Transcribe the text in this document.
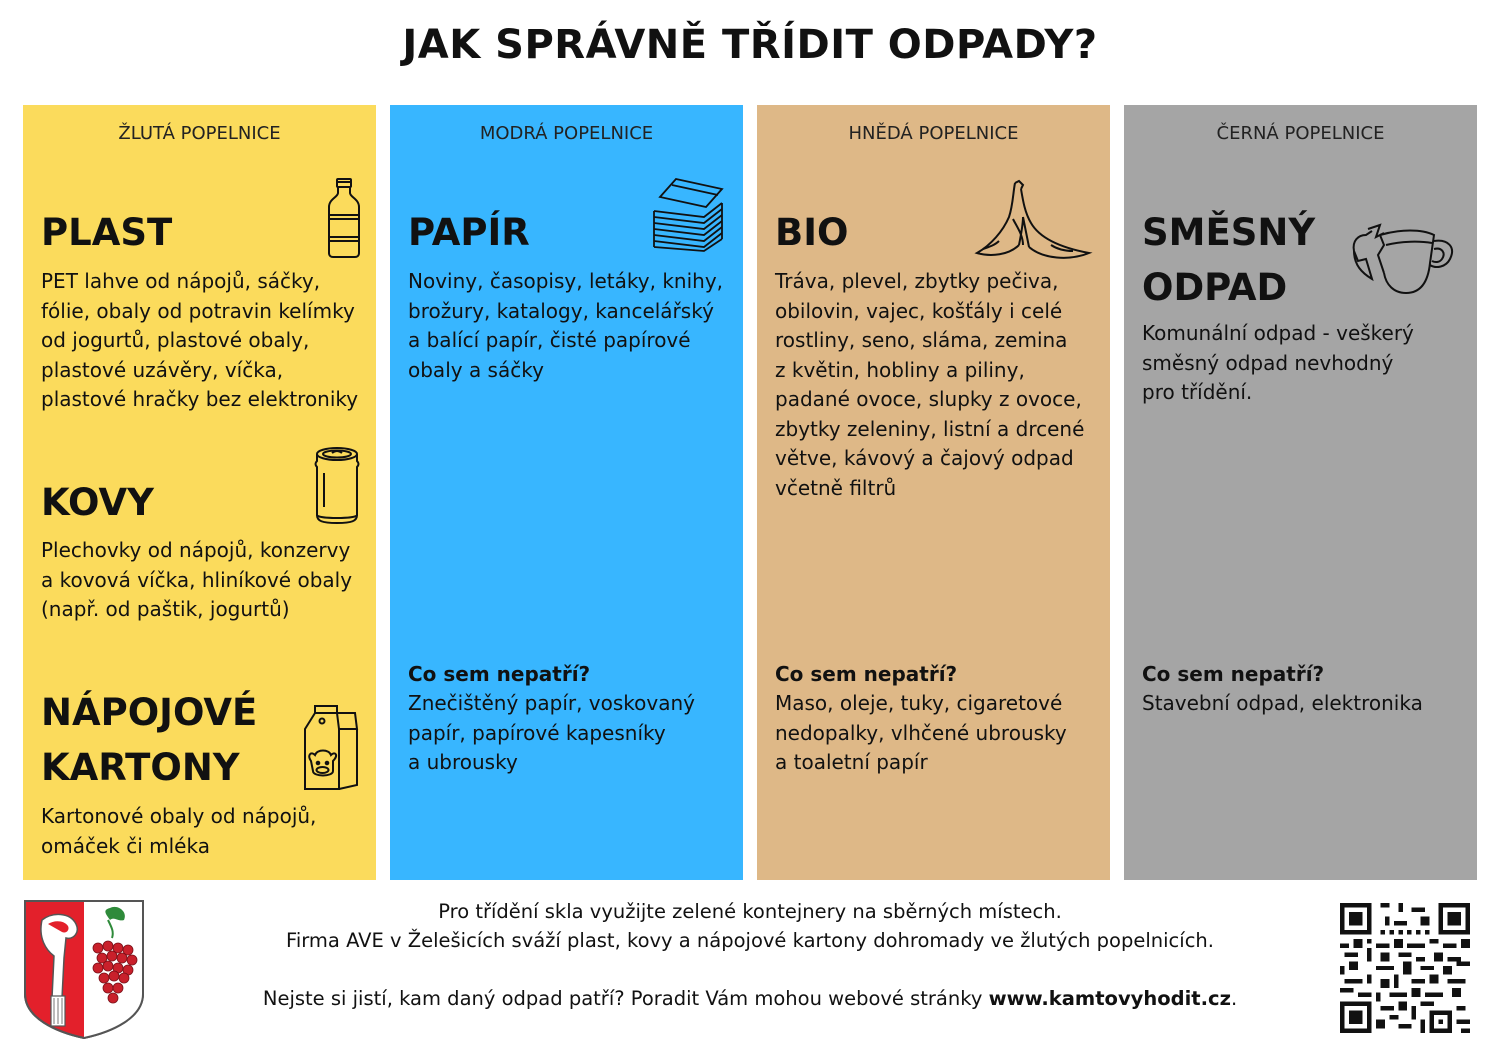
JAK SPRÁVNĚ TŘÍDIT ODPADY?
ŽLUTÁ POPELNICE
PLAST
PET lahve od nápojů, sáčky,
fólie, obaly od potravin kelímky
od jogurtů, plastové obaly,
plastové uzávěry, víčka,
plastové hračky bez elektroniky
KOVY
Plechovky od nápojů, konzervy
a kovová víčka, hliníkové obaly
(např. od paštik, jogurtů)
NÁPOJOVÉ
KARTONY
Kartonové obaly od nápojů,
omáček či mléka
MODRÁ POPELNICE
PAPÍR
Noviny, časopisy, letáky, knihy,
brožury, katalogy, kancelářský
a balící papír, čisté papírové
obaly a sáčky
Co sem nepatří?
Znečištěný papír, voskovaný
papír, papírové kapesníky
a ubrousky
HNĚDÁ POPELNICE
BIO
Tráva, plevel, zbytky pečiva,
obilovin, vajec, košťály i celé
rostliny, seno, sláma, zemina
z květin, hobliny a piliny,
padané ovoce, slupky z ovoce,
zbytky zeleniny, listní a drcené
větve, kávový a čajový odpad
včetně filtrů
Co sem nepatří?
Maso, oleje, tuky, cigaretové
nedopalky, vlhčené ubrousky
a toaletní papír
ČERNÁ POPELNICE
SMĚSNÝ
ODPAD
Komunální odpad - veškerý
směsný odpad nevhodný
pro třídění.
Co sem nepatří?
Stavební odpad, elektronika
Pro třídění skla využijte zelené kontejnery na sběrných místech.
Firma AVE v Želešicích sváží plast, kovy a nápojové kartony dohromady ve žlutých popelnicích.
Nejste si jistí, kam daný odpad patří? Poradit Vám mohou webové stránky www.kamtovyhodit.cz.
